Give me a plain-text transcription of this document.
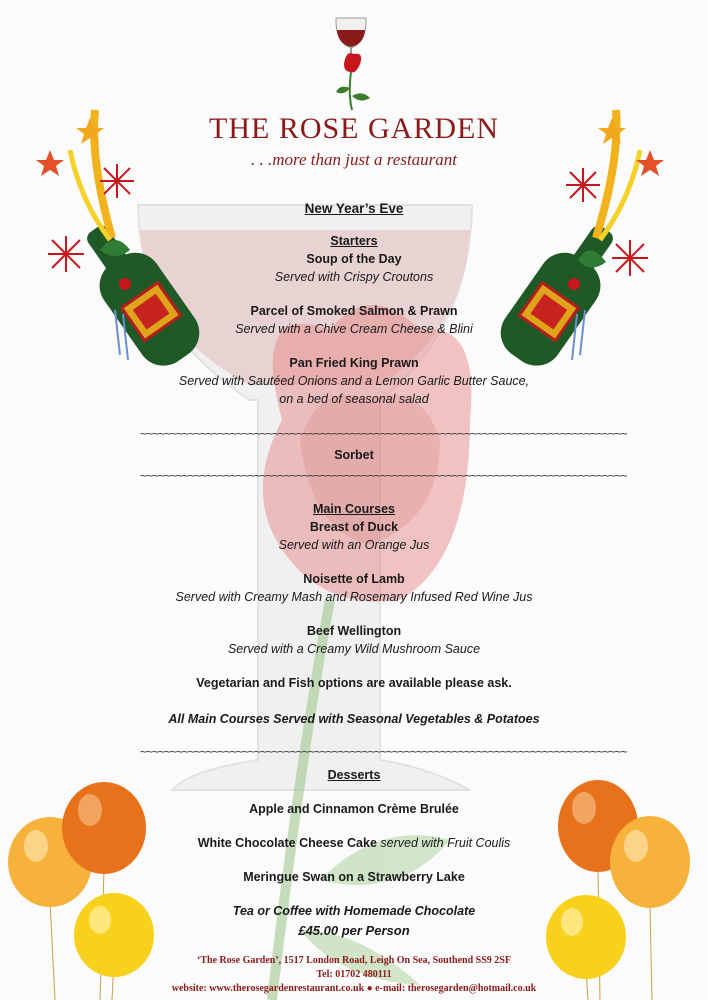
THE ROSE GARDEN
. . .more than just a restaurant
New Year’s Eve
Starters
Soup of the Day
Served with Crispy Croutons
Parcel of Smoked Salmon & Prawn
Served with a Chive Cream Cheese & Blini
Pan Fried King Prawn
Served with Sautéed Onions and a Lemon Garlic Butter Sauce,
on a bed of seasonal salad
~~~~~~~~~~~~~~~~~~~~~~~~~~~~~~~~~~~~~~~~~~~~~~~~~~~~~~~~~~~~~~~~~~~~~~~~~~~~~~~~~
Sorbet
~~~~~~~~~~~~~~~~~~~~~~~~~~~~~~~~~~~~~~~~~~~~~~~~~~~~~~~~~~~~~~~~~~~~~~~~~~~~~~~~~
Main Courses
Breast of Duck
Served with an Orange Jus
Noisette of Lamb
Served with Creamy Mash and Rosemary Infused Red Wine Jus
Beef Wellington
Served with a Creamy Wild Mushroom Sauce
Vegetarian and Fish options are available please ask.
All Main Courses Served with Seasonal Vegetables & Potatoes
~~~~~~~~~~~~~~~~~~~~~~~~~~~~~~~~~~~~~~~~~~~~~~~~~~~~~~~~~~~~~~~~~~~~~~~~~~~~~~~~~
Desserts
Apple and Cinnamon Crème Brulée
White Chocolate Cheese Cake served with Fruit Coulis
Meringue Swan on a Strawberry Lake
Tea or Coffee with Homemade Chocolate
£45.00 per Person
‘The Rose Garden’, 1517 London Road, Leigh On Sea, Southend SS9 2SF
Tel: 01702 480111
website: www.therosegardenrestaurant.co.uk ● e-mail: therosegarden@hotmail.co.uk
